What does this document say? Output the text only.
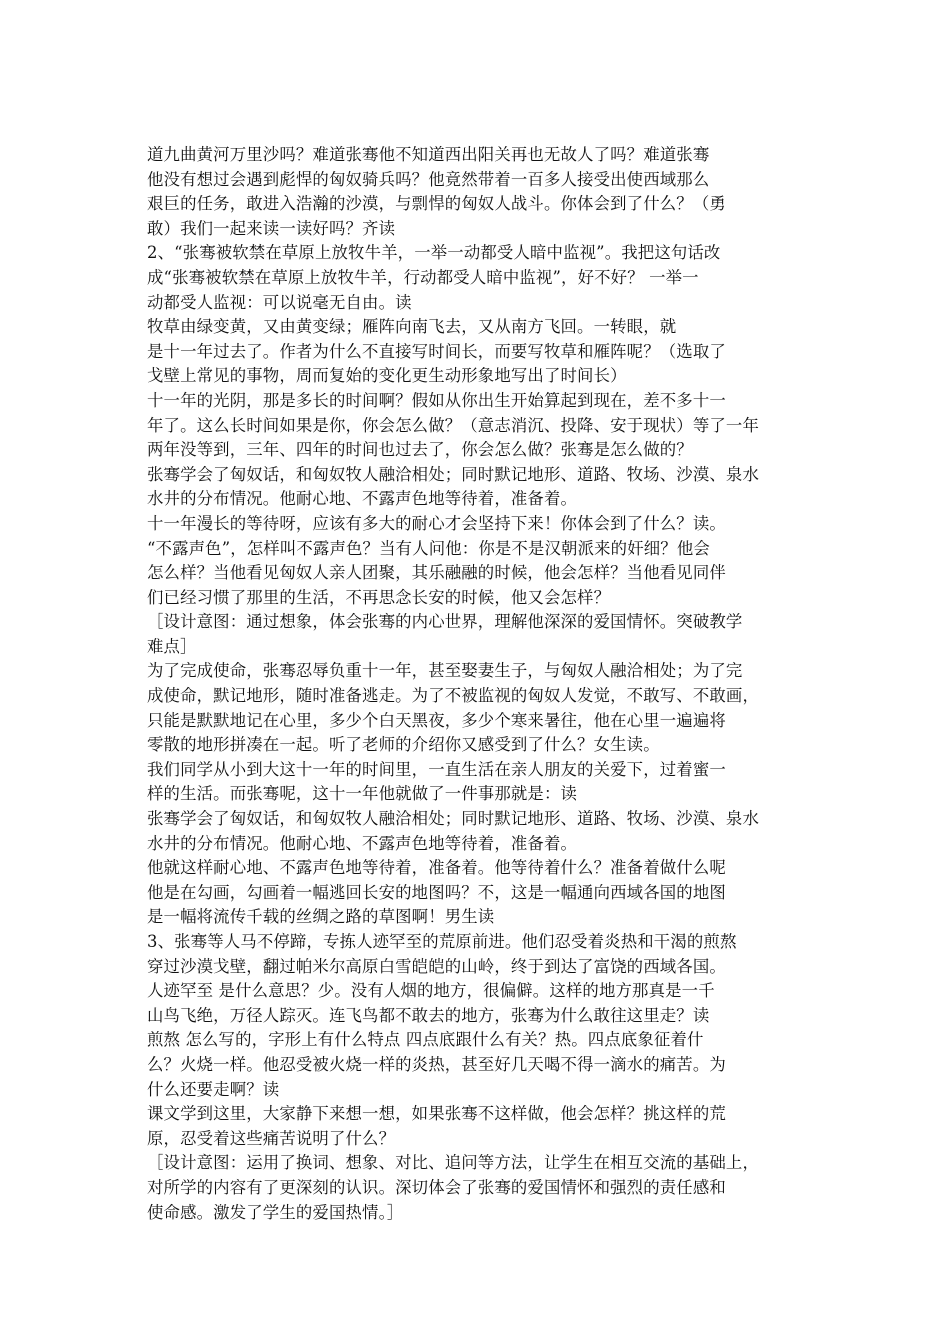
道九曲黄河万里沙吗？难道张骞他不知道西出阳关再也无故人了吗？难道张骞

他没有想过会遇到彪悍的匈奴骑兵吗？他竟然带着一百多人接受出使西域那么

艰巨的任务，敢进入浩瀚的沙漠，与剽悍的匈奴人战斗。你体会到了什么？（勇

敢）我们一起来读一读好吗？齐读

2、“张骞被软禁在草原上放牧牛羊，一举一动都受人暗中监视”。我把这句话改

成“张骞被软禁在草原上放牧牛羊，行动都受人暗中监视”，好不好？ 一举一

动都受人监视：可以说毫无自由。读

牧草由绿变黄，又由黄变绿；雁阵向南飞去，又从南方飞回。一转眼，就

是十一年过去了。作者为什么不直接写时间长，而要写牧草和雁阵呢？（选取了

戈壁上常见的事物，周而复始的变化更生动形象地写出了时间长）

十一年的光阴，那是多长的时间啊？假如从你出生开始算起到现在，差不多十一

年了。这么长时间如果是你，你会怎么做？（意志消沉、投降、安于现状）等了一年

两年没等到，三年、四年的时间也过去了，你会怎么做？张骞是怎么做的？

张骞学会了匈奴话，和匈奴牧人融洽相处；同时默记地形、道路、牧场、沙漠、泉水

水井的分布情况。他耐心地、不露声色地等待着，准备着。

十一年漫长的等待呀，应该有多大的耐心才会坚持下来！你体会到了什么？读。

“不露声色”，怎样叫不露声色？当有人问他：你是不是汉朝派来的奸细？他会

怎么样？当他看见匈奴人亲人团聚，其乐融融的时候，他会怎样？当他看见同伴

们已经习惯了那里的生活，不再思念长安的时候，他又会怎样？

［设计意图：通过想象，体会张骞的内心世界，理解他深深的爱国情怀。突破教学

难点］

为了完成使命，张骞忍辱负重十一年，甚至娶妻生子，与匈奴人融洽相处；为了完

成使命，默记地形，随时准备逃走。为了不被监视的匈奴人发觉，不敢写、不敢画，

只能是默默地记在心里，多少个白天黑夜，多少个寒来暑往，他在心里一遍遍将

零散的地形拼凑在一起。听了老师的介绍你又感受到了什么？女生读。

我们同学从小到大这十一年的时间里，一直生活在亲人朋友的关爱下，过着蜜一

样的生活。而张骞呢，这十一年他就做了一件事那就是：读

张骞学会了匈奴话，和匈奴牧人融洽相处；同时默记地形、道路、牧场、沙漠、泉水

水井的分布情况。他耐心地、不露声色地等待着，准备着。

他就这样耐心地、不露声色地等待着，准备着。他等待着什么？准备着做什么呢

他是在勾画，勾画着一幅逃回长安的地图吗？不，这是一幅通向西域各国的地图

是一幅将流传千载的丝绸之路的草图啊！男生读

3、张骞等人马不停蹄，专拣人迹罕至的荒原前进。他们忍受着炎热和干渴的煎熬

穿过沙漠戈壁，翻过帕米尔高原白雪皑皑的山岭，终于到达了富饶的西域各国。

人迹罕至 是什么意思？少。没有人烟的地方，很偏僻。这样的地方那真是一千

山鸟飞绝，万径人踪灭。连飞鸟都不敢去的地方，张骞为什么敢往这里走？读

煎熬 怎么写的，字形上有什么特点 四点底跟什么有关？热。四点底象征着什

么？火烧一样。他忍受被火烧一样的炎热，甚至好几天喝不得一滴水的痛苦。为

什么还要走啊？读

课文学到这里，大家静下来想一想，如果张骞不这样做，他会怎样？挑这样的荒

原，忍受着这些痛苦说明了什么？

［设计意图：运用了换词、想象、对比、追问等方法，让学生在相互交流的基础上，

对所学的内容有了更深刻的认识。深切体会了张骞的爱国情怀和强烈的责任感和

使命感。激发了学生的爱国热情。］
